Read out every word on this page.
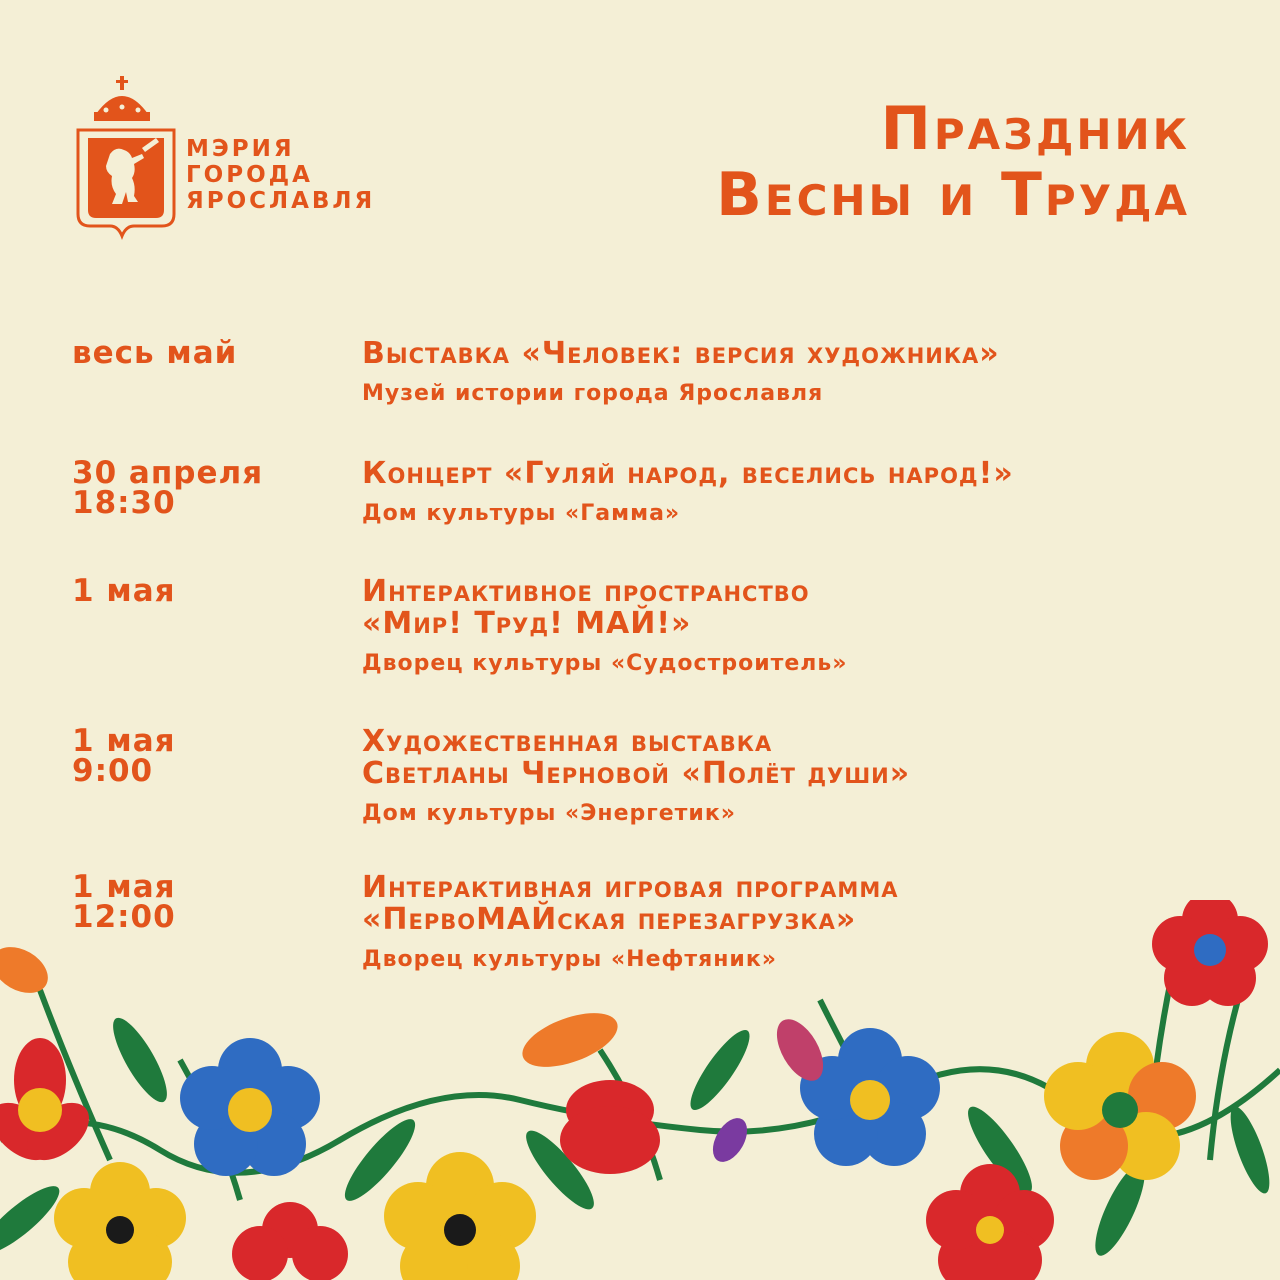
МЭРИЯ
ГОРОДА
ЯРОСЛАВЛЯ
Праздник
Весны и Труда
весь май	Выставка «Человек: версия художника»
Музей истории города Ярославля
30 апреля
18:30
Концерт «Гуляй народ, веселись народ!»
Дом культуры «Гамма»
1 мая	Интерактивное пространство
«Мир! Труд! МАЙ!»
Дворец культуры «Судостроитель»
1 мая
9:00
Художественная выставка
Светланы Черновой «Полёт души»
Дом культуры «Энергетик»
1 мая
12:00
Интерактивная игровая программа
«ПервоМАЙская перезагрузка»
Дворец культуры «Нефтяник»
